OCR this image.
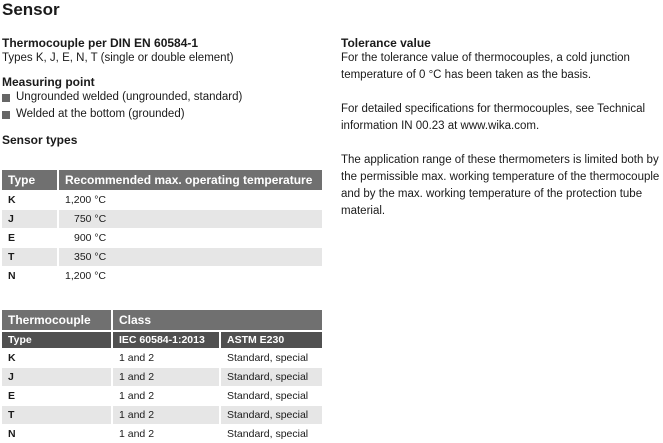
Sensor
Thermocouple per DIN EN 60584-1
Types K, J, E, N, T (single or double element)
Measuring point
Ungrounded welded (ungrounded, standard)
Welded at the bottom (grounded)
Sensor types
Type	Recommended max. operating temperature
K	1,200 °C
J	750 °C
E	900 °C
T	350 °C
N	1,200 °C
Thermocouple	Class	
Type	IEC 60584-1:2013	ASTM E230
K	1 and 2	Standard, special
J	1 and 2	Standard, special
E	1 and 2	Standard, special
T	1 and 2	Standard, special
N	1 and 2	Standard, special
Tolerance value

For the tolerance value of thermocouples, a cold junction temperature of 0 °C has been taken as the basis.

For detailed specifications for thermocouples, see Technical information IN 00.23 at www.wika.com.

The application range of these thermometers is limited both by the permissible max. working temperature of the thermocouple and by the max. working temperature of the protection tube material.
